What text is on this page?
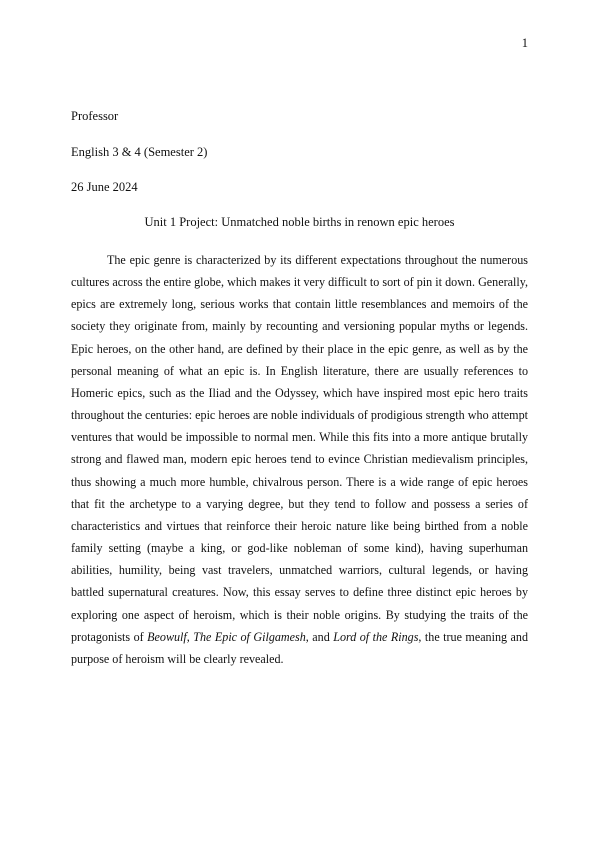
1
Professor
English 3 & 4 (Semester 2)
26 June 2024
Unit 1 Project: Unmatched noble births in renown epic heroes

The epic genre is characterized by its different expectations throughout the numerous cultures across the entire globe, which makes it very difficult to sort of pin it down. Generally, epics are extremely long, serious works that contain little resemblances and memoirs of the society they originate from, mainly by recounting and versioning popular myths or legends. Epic heroes, on the other hand, are defined by their place in the epic genre, as well as by the personal meaning of what an epic is. In English literature, there are usually references to Homeric epics, such as the Iliad and the Odyssey, which have inspired most epic hero traits throughout the centuries: epic heroes are noble individuals of prodigious strength who attempt ventures that would be impossible to normal men. While this fits into a more antique brutally strong and flawed man, modern epic heroes tend to evince Christian medievalism principles, thus showing a much more humble, chivalrous person. There is a wide range of epic heroes that fit the archetype to a varying degree, but they tend to follow and possess a series of characteristics and virtues that reinforce their heroic nature like being birthed from a noble family setting (maybe a king, or god-like nobleman of some kind), having superhuman abilities, humility, being vast travelers, unmatched warriors, cultural legends, or having battled supernatural creatures. Now, this essay serves to define three distinct epic heroes by exploring one aspect of heroism, which is their noble origins. By studying the traits of the protagonists of Beowulf, The Epic of Gilgamesh, and Lord of the Rings, the true meaning and purpose of heroism will be clearly revealed.
